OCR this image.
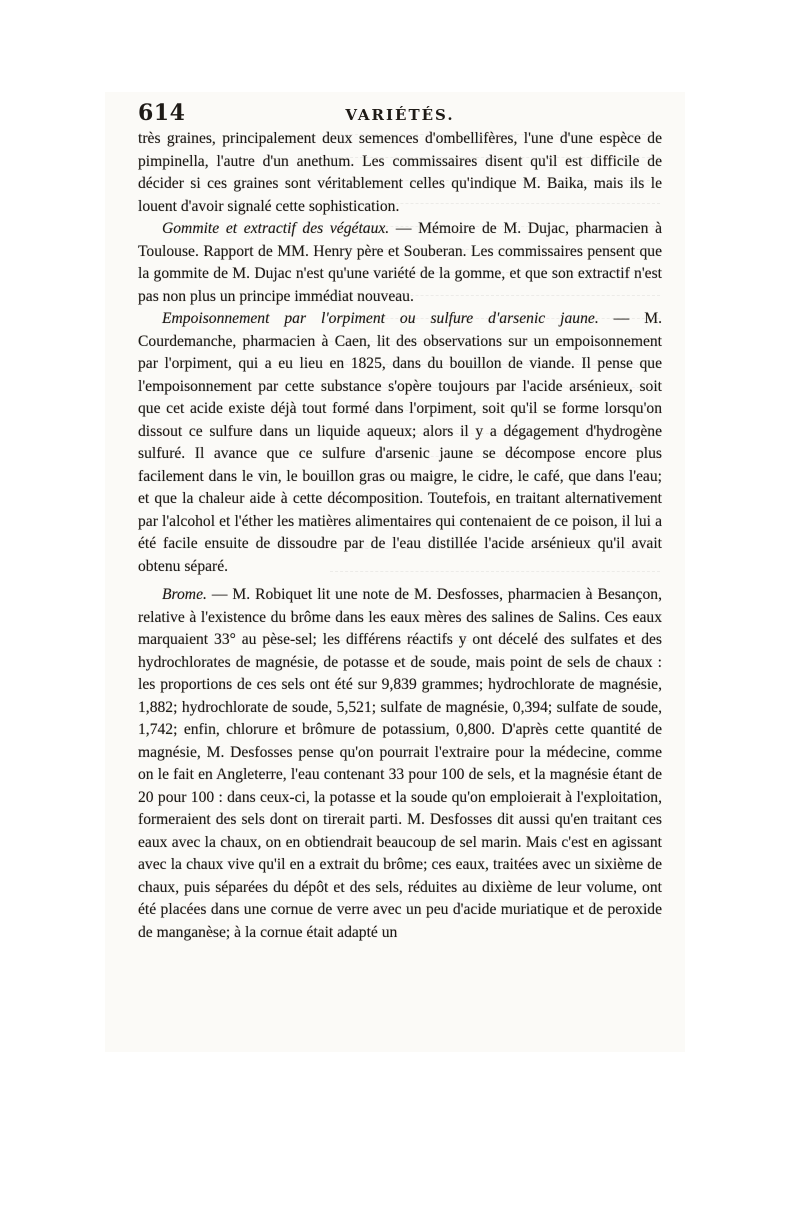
614	VARIÉTÉS.

très graines, principalement deux semences d'ombellifères, l'une d'une espèce de pimpinella, l'autre d'un anethum. Les commissaires disent qu'il est difficile de décider si ces graines sont véritablement celles qu'indique M. Baika, mais ils le louent d'avoir signalé cette sophistication.

Gommite et extractif des végétaux. — Mémoire de M. Dujac, pharmacien à Toulouse. Rapport de MM. Henry père et Souberan. Les commissaires pensent que la gommite de M. Dujac n'est qu'une variété de la gomme, et que son extractif n'est pas non plus un principe immédiat nouveau.

Empoisonnement par l'orpiment ou sulfure d'arsenic jaune. — M. Courdemanche, pharmacien à Caen, lit des observations sur un empoisonnement par l'orpiment, qui a eu lieu en 1825, dans du bouillon de viande. Il pense que l'empoisonnement par cette substance s'opère toujours par l'acide arsénieux, soit que cet acide existe déjà tout formé dans l'orpiment, soit qu'il se forme lorsqu'on dissout ce sulfure dans un liquide aqueux; alors il y a dégagement d'hydrogène sulfuré. Il avance que ce sulfure d'arsenic jaune se décompose encore plus facilement dans le vin, le bouillon gras ou maigre, le cidre, le café, que dans l'eau; et que la chaleur aide à cette décomposition. Toutefois, en traitant alternativement par l'alcohol et l'éther les matières alimentaires qui contenaient de ce poison, il lui a été facile ensuite de dissoudre par de l'eau distillée l'acide arsénieux qu'il avait obtenu séparé.

Brome. — M. Robiquet lit une note de M. Desfosses, pharmacien à Besançon, relative à l'existence du brôme dans les eaux mères des salines de Salins. Ces eaux marquaient 33° au pèse-sel; les différens réactifs y ont décelé des sulfates et des hydrochlorates de magnésie, de potasse et de soude, mais point de sels de chaux : les proportions de ces sels ont été sur 9,839 grammes; hydrochlorate de magnésie, 1,882; hydrochlorate de soude, 5,521; sulfate de magnésie, 0,394; sulfate de soude, 1,742; enfin, chlorure et brômure de potassium, 0,800. D'après cette quantité de magnésie, M. Desfosses pense qu'on pourrait l'extraire pour la médecine, comme on le fait en Angleterre, l'eau contenant 33 pour 100 de sels, et la magnésie étant de 20 pour 100 : dans ceux-ci, la potasse et la soude qu'on emploierait à l'exploitation, formeraient des sels dont on tirerait parti. M. Desfosses dit aussi qu'en traitant ces eaux avec la chaux, on en obtiendrait beaucoup de sel marin. Mais c'est en agissant avec la chaux vive qu'il en a extrait du brôme; ces eaux, traitées avec un sixième de chaux, puis séparées du dépôt et des sels, réduites au dixième de leur volume, ont été placées dans une cornue de verre avec un peu d'acide muriatique et de peroxide de manganèse; à la cornue était adapté un
